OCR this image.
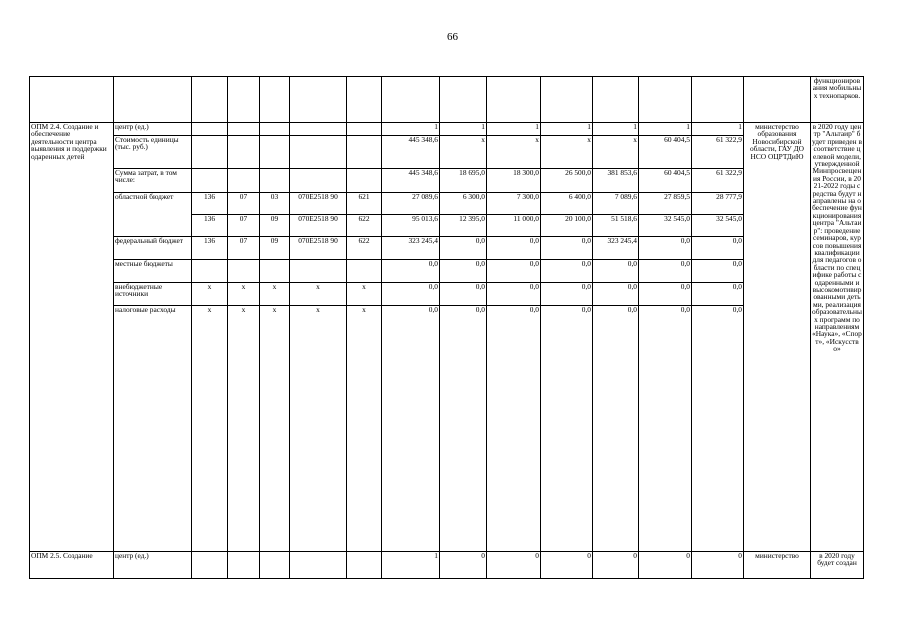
66
															функциониров ания мобильных технопарков.
ОПМ 2.4. Создание и обеспечение деятельности центра выявления и поддержки одаренных детей	центр (ед.)						1	1	1	1	1	1	1	министерство образования Новосибирской области, ГАУ ДО НСО ОЦРТДиЮ	в 2020 году центр "Альтаир" будет приведен в соответствие целевой модели, утвержденной Минпросвещения России, в 2021-2022 годы средства будут направлены на обеспечение функционирования центра "Альтаир": проведение семинаров, курсов повышения квалификации для педагогов области по специфике работы с одаренными и высокомотивированными детьми, реализация образовательных программ по направлениям «Наука», «Спорт», «Искусство»
	Стоимость единицы (тыс. руб.)						445 348,6	х	х	х	х	60 404,5	61 322,9		
	Сумма затрат, в том числе:						445 348,6	18 695,0	18 300,0	26 500,0	381 853,6	60 404,5	61 322,9		
	областной бюджет	136	07	03	070E2518 90	621	27 089,6	6 300,0	7 300,0	6 400,0	7 089,6	27 859,5	28 777,9		
		136	07	09	070E2518 90	622	95 013,6	12 395,0	11 000,0	20 100,0	51 518,6	32 545,0	32 545,0		
	федеральный бюджет	136	07	09	070E2518 90	622	323 245,4	0,0	0,0	0,0	323 245,4	0,0	0,0		
	местные бюджеты						0,0	0,0	0,0	0,0	0,0	0,0	0,0		
	внебюджетные источники	х	х	х	х	х	0,0	0,0	0,0	0,0	0,0	0,0	0,0		
	налоговые расходы	х	х	х	х	х	0,0	0,0	0,0	0,0	0,0	0,0	0,0		
ОПМ 2.5. Создание	центр (ед.)						1	0	0	0	0	0	0	министерство	в 2020 году будет создан
